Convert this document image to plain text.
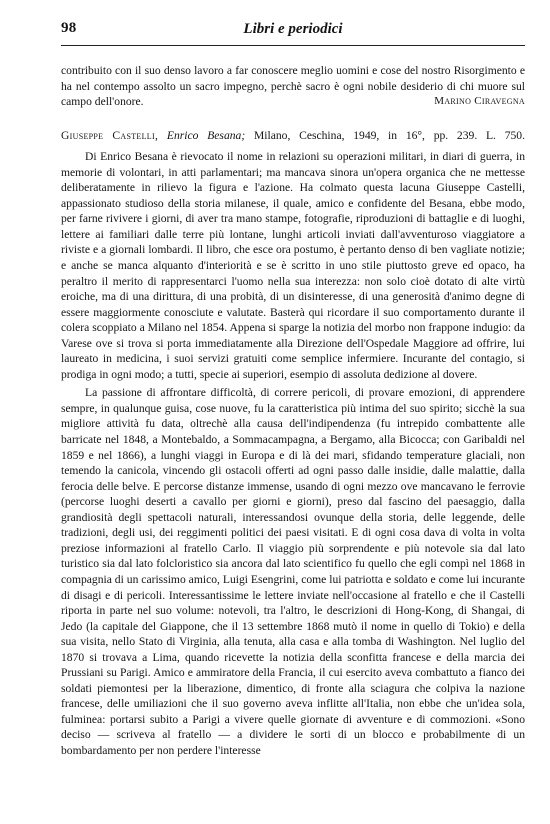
98	Libri e periodici

contribuito con il suo denso lavoro a far conoscere meglio uomini e cose del nostro Risorgimento e ha nel contempo assolto un sacro impegno, perchè sacro è ogni nobile desiderio di chi muore sul campo dell'onore.	Marino Ciravegna

Giuseppe Castelli, Enrico Besana; Milano, Ceschina, 1949, in 16°, pp. 239. L. 750.

Di Enrico Besana è rievocato il nome in relazioni su operazioni militari, in diari di guerra, in memorie di volontari, in atti parlamentari; ma mancava sinora un'opera organica che ne mettesse deliberatamente in rilievo la figura e l'azione. Ha colmato questa lacuna Giuseppe Castelli, appassionato studioso della storia milanese, il quale, amico e confidente del Besana, ebbe modo, per farne rivivere i giorni, di aver tra mano stampe, fotografie, riproduzioni di battaglie e di luoghi, lettere ai familiari dalle terre più lontane, lunghi articoli inviati dall'avventuroso viaggiatore a riviste e a giornali lombardi. Il libro, che esce ora postumo, è pertanto denso di ben vagliate notizie; e anche se manca alquanto d'interiorità e se è scritto in uno stile piuttosto greve ed opaco, ha peraltro il merito di rappresentarci l'uomo nella sua interezza: non solo cioè dotato di alte virtù eroiche, ma di una dirittura, di una probità, di un disinteresse, di una generosità d'animo degne di essere maggiormente conosciute e valutate. Basterà qui ricordare il suo comportamento durante il colera scoppiato a Milano nel 1854. Appena si sparge la notizia del morbo non frappone indugio: da Varese ove si trova si porta immediatamente alla Direzione dell'Ospedale Maggiore ad offrire, lui laureato in medicina, i suoi servizi gratuiti come semplice infermiere. Incurante del contagio, si prodiga in ogni modo; a tutti, specie ai superiori, esempio di assoluta dedizione al dovere.

La passione di affrontare difficoltà, di correre pericoli, di provare emozioni, di apprendere sempre, in qualunque guisa, cose nuove, fu la caratteristica più intima del suo spirito; sicchè la sua migliore attività fu data, oltrechè alla causa dell'indipendenza (fu intrepido combattente alle barricate nel 1848, a Montebaldo, a Sommacampagna, a Bergamo, alla Bicocca; con Garibaldi nel 1859 e nel 1866), a lunghi viaggi in Europa e di là dei mari, sfidando temperature glaciali, non temendo la canicola, vincendo gli ostacoli offerti ad ogni passo dalle insidie, dalle malattie, dalla ferocia delle belve. E percorse distanze immense, usando di ogni mezzo ove mancavano le ferrovie (percorse luoghi deserti a cavallo per giorni e giorni), preso dal fascino del paesaggio, dalla grandiosità degli spettacoli naturali, interessandosi ovunque della storia, delle leggende, delle tradizioni, degli usi, dei reggimenti politici dei paesi visitati. E di ogni cosa dava di volta in volta preziose informazioni al fratello Carlo. Il viaggio più sorprendente e più notevole sia dal lato turistico sia dal lato folcloristico sia ancora dal lato scientifico fu quello che egli compì nel 1868 in compagnia di un carissimo amico, Luigi Esengrini, come lui patriotta e soldato e come lui incurante di disagi e di pericoli. Interessantissime le lettere inviate nell'occasione al fratello e che il Castelli riporta in parte nel suo volume: notevoli, tra l'altro, le descrizioni di Hong-Kong, di Shangai, di Jedo (la capitale del Giappone, che il 13 settembre 1868 mutò il nome in quello di Tokio) e della sua visita, nello Stato di Virginia, alla tenuta, alla casa e alla tomba di Washington. Nel luglio del 1870 si trovava a Lima, quando ricevette la notizia della sconfitta francese e della marcia dei Prussiani su Parigi. Amico e ammiratore della Francia, il cui esercito aveva combattuto a fianco dei soldati piemontesi per la liberazione, dimentico, di fronte alla sciagura che colpiva la nazione francese, delle umiliazioni che il suo governo aveva inflitte all'Italia, non ebbe che un'idea sola, fulminea: portarsi subito a Parigi a vivere quelle giornate di avventure e di commozioni. «Sono deciso — scriveva al fratello — a dividere le sorti di un blocco e probabilmente di un bombardamento per non perdere l'interesse
